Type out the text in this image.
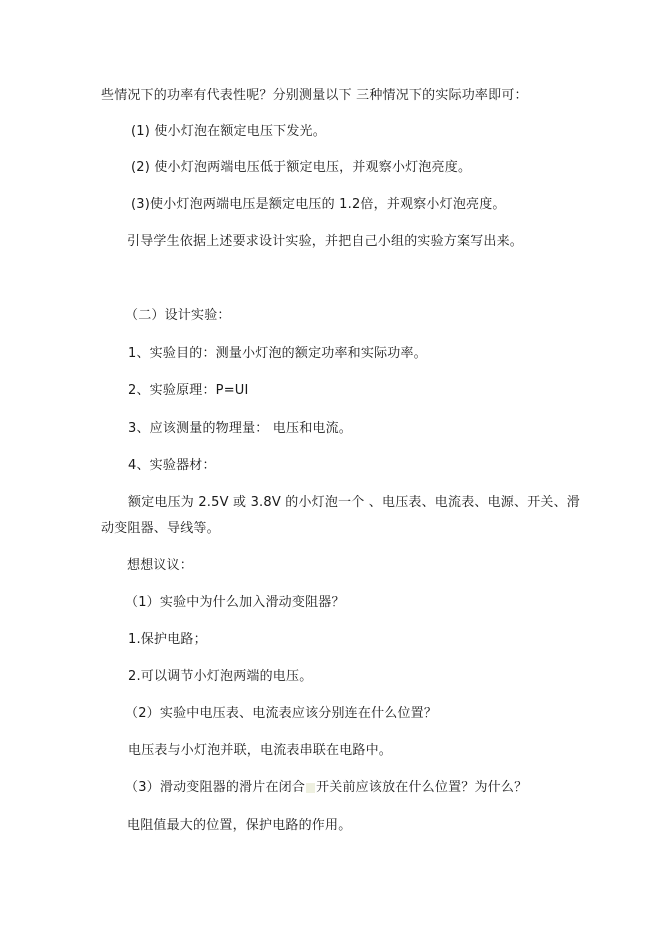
些情况下的功率有代表性呢？分别测量以下 三种情况下的实际功率即可：
(1) 使小灯泡在额定电压下发光。
(2) 使小灯泡两端电压低于额定电压，并观察小灯泡亮度。
(3)使小灯泡两端电压是额定电压的 1.2倍，并观察小灯泡亮度。
引导学生依据上述要求设计实验，并把自己小组的实验方案写出来。
（二）设计实验：
1、实验目的：测量小灯泡的额定功率和实际功率。
2、实验原理：P=UI
3、应该测量的物理量： 电压和电流。
4、实验器材：
额定电压为 2.5V 或 3.8V 的小灯泡一个 、电压表、电流表、电源、开关、滑
动变阻器、导线等。
想想议议：
（1）实验中为什么加入滑动变阻器？
1.保护电路；
2.可以调节小灯泡两端的电压。
（2）实验中电压表、电流表应该分别连在什么位置？
电压表与小灯泡并联，电流表串联在电路中。
（3）滑动变阻器的滑片在闭合 开关前应该放在什么位置？为什么？
电阻值最大的位置，保护电路的作用。
